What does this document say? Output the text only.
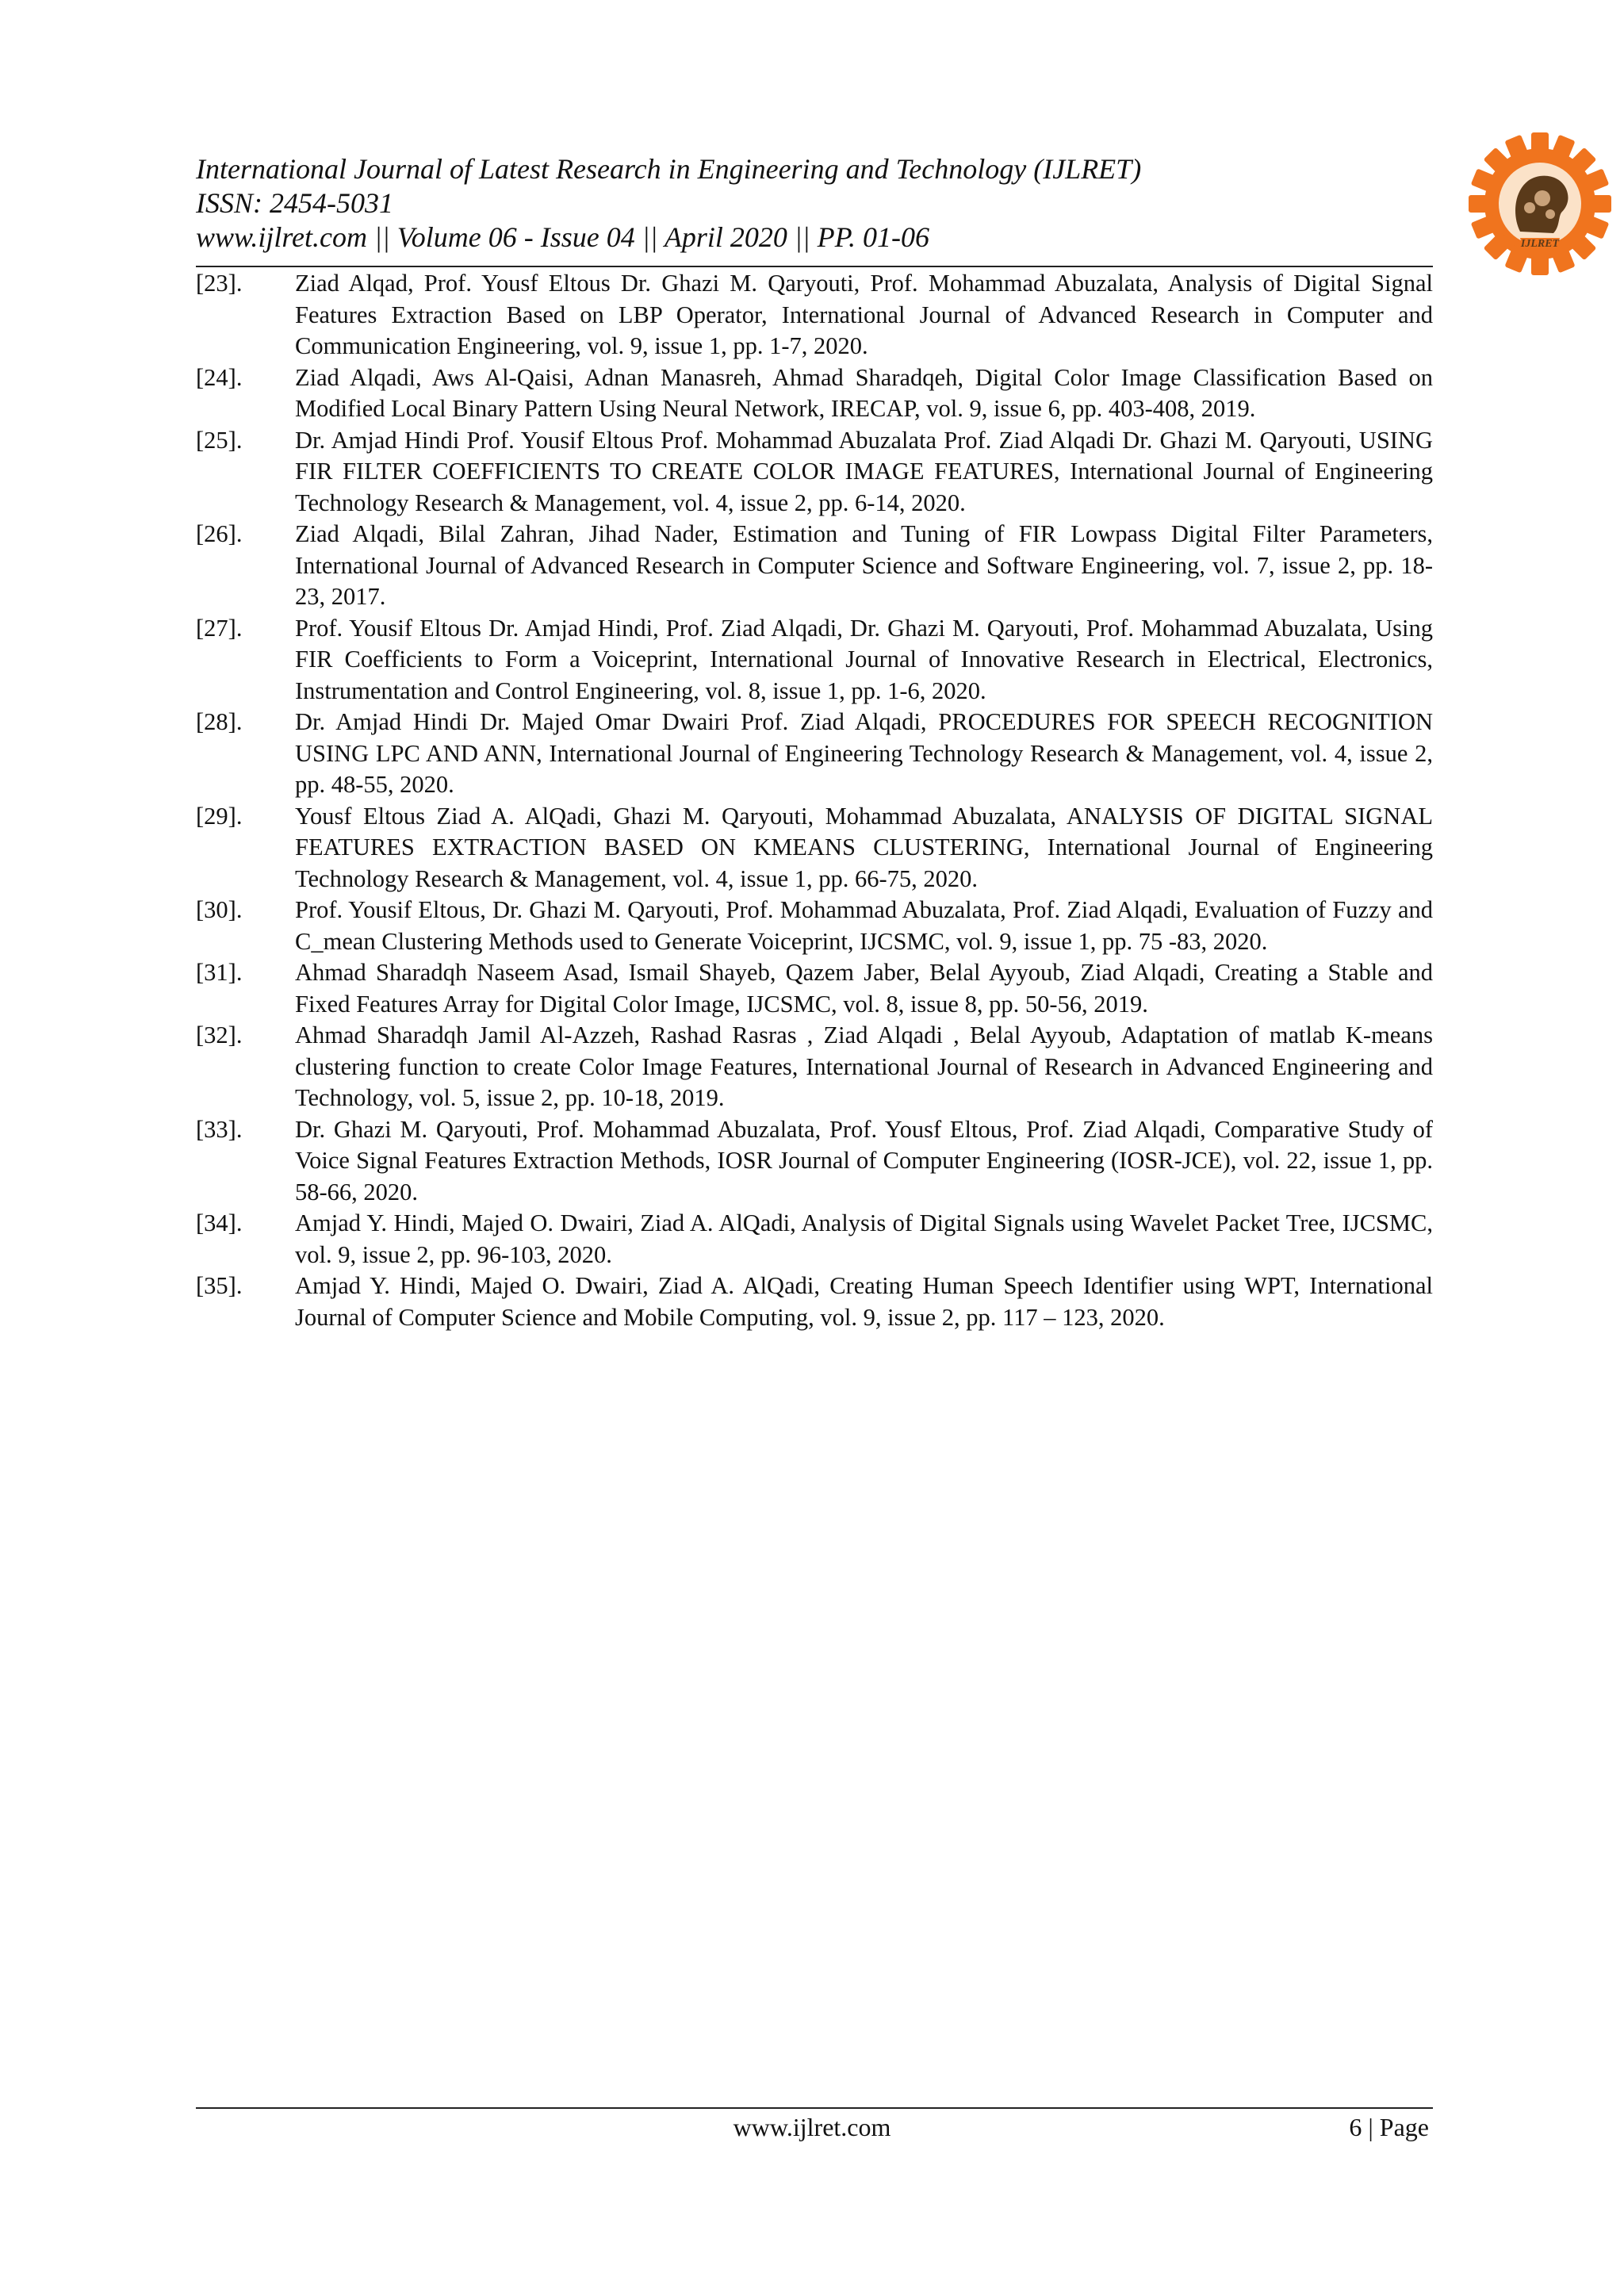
International Journal of Latest Research in Engineering and Technology (IJLRET)
ISSN: 2454-5031
www.ijlret.com || Volume 06 - Issue 04 || April 2020 || PP. 01-06	IJLRET
[23].	Ziad Alqad, Prof. Yousf Eltous Dr. Ghazi M. Qaryouti, Prof. Mohammad Abuzalata, Analysis of Digital Signal Features Extraction Based on LBP Operator, International Journal of Advanced Research in Computer and Communication Engineering, vol. 9, issue 1, pp. 1-7, 2020.
[24].	Ziad Alqadi, Aws Al-Qaisi, Adnan Manasreh, Ahmad Sharadqeh, Digital Color Image Classification Based on Modified Local Binary Pattern Using Neural Network, IRECAP, vol. 9, issue 6, pp. 403-408, 2019.
[25].	Dr. Amjad Hindi Prof. Yousif Eltous Prof. Mohammad Abuzalata Prof. Ziad Alqadi Dr. Ghazi M. Qaryouti, USING FIR FILTER COEFFICIENTS TO CREATE COLOR IMAGE FEATURES, International Journal of Engineering Technology Research & Management, vol. 4, issue 2, pp. 6-14, 2020.
[26].	Ziad Alqadi, Bilal Zahran, Jihad Nader, Estimation and Tuning of FIR Lowpass Digital Filter Parameters, International Journal of Advanced Research in Computer Science and Software Engineering, vol. 7, issue 2, pp. 18-23, 2017.
[27].	Prof. Yousif Eltous Dr. Amjad Hindi, Prof. Ziad Alqadi, Dr. Ghazi M. Qaryouti, Prof. Mohammad Abuzalata, Using FIR Coefficients to Form a Voiceprint, International Journal of Innovative Research in Electrical, Electronics, Instrumentation and Control Engineering, vol. 8, issue 1, pp. 1-6, 2020.
[28].	Dr. Amjad Hindi Dr. Majed Omar Dwairi Prof. Ziad Alqadi, PROCEDURES FOR SPEECH RECOGNITION USING LPC AND ANN, International Journal of Engineering Technology Research & Management, vol. 4, issue 2, pp. 48-55, 2020.
[29].	Yousf Eltous Ziad A. AlQadi, Ghazi M. Qaryouti, Mohammad Abuzalata, ANALYSIS OF DIGITAL SIGNAL FEATURES EXTRACTION BASED ON KMEANS CLUSTERING, International Journal of Engineering Technology Research & Management, vol. 4, issue 1, pp. 66-75, 2020.
[30].	Prof. Yousif Eltous, Dr. Ghazi M. Qaryouti, Prof. Mohammad Abuzalata, Prof. Ziad Alqadi, Evaluation of Fuzzy and C_mean Clustering Methods used to Generate Voiceprint, IJCSMC, vol. 9, issue 1, pp. 75 -83, 2020.
[31].	Ahmad Sharadqh Naseem Asad, Ismail Shayeb, Qazem Jaber, Belal Ayyoub, Ziad Alqadi, Creating a Stable and Fixed Features Array for Digital Color Image, IJCSMC, vol. 8, issue 8, pp. 50-56, 2019.
[32].	Ahmad Sharadqh Jamil Al-Azzeh, Rashad Rasras , Ziad Alqadi , Belal Ayyoub, Adaptation of matlab K-means clustering function to create Color Image Features, International Journal of Research in Advanced Engineering and Technology, vol. 5, issue 2, pp. 10-18, 2019.
[33].	Dr. Ghazi M. Qaryouti, Prof. Mohammad Abuzalata, Prof. Yousf Eltous, Prof. Ziad Alqadi, Comparative Study of Voice Signal Features Extraction Methods, IOSR Journal of Computer Engineering (IOSR-JCE), vol. 22, issue 1, pp. 58-66, 2020.
[34].	Amjad Y. Hindi, Majed O. Dwairi, Ziad A. AlQadi, Analysis of Digital Signals using Wavelet Packet Tree, IJCSMC, vol. 9, issue 2, pp. 96-103, 2020.
[35].	Amjad Y. Hindi, Majed O. Dwairi, Ziad A. AlQadi, Creating Human Speech Identifier using WPT, International Journal of Computer Science and Mobile Computing, vol. 9, issue 2, pp. 117 – 123, 2020.
www.ijlret.com	6 | Page
